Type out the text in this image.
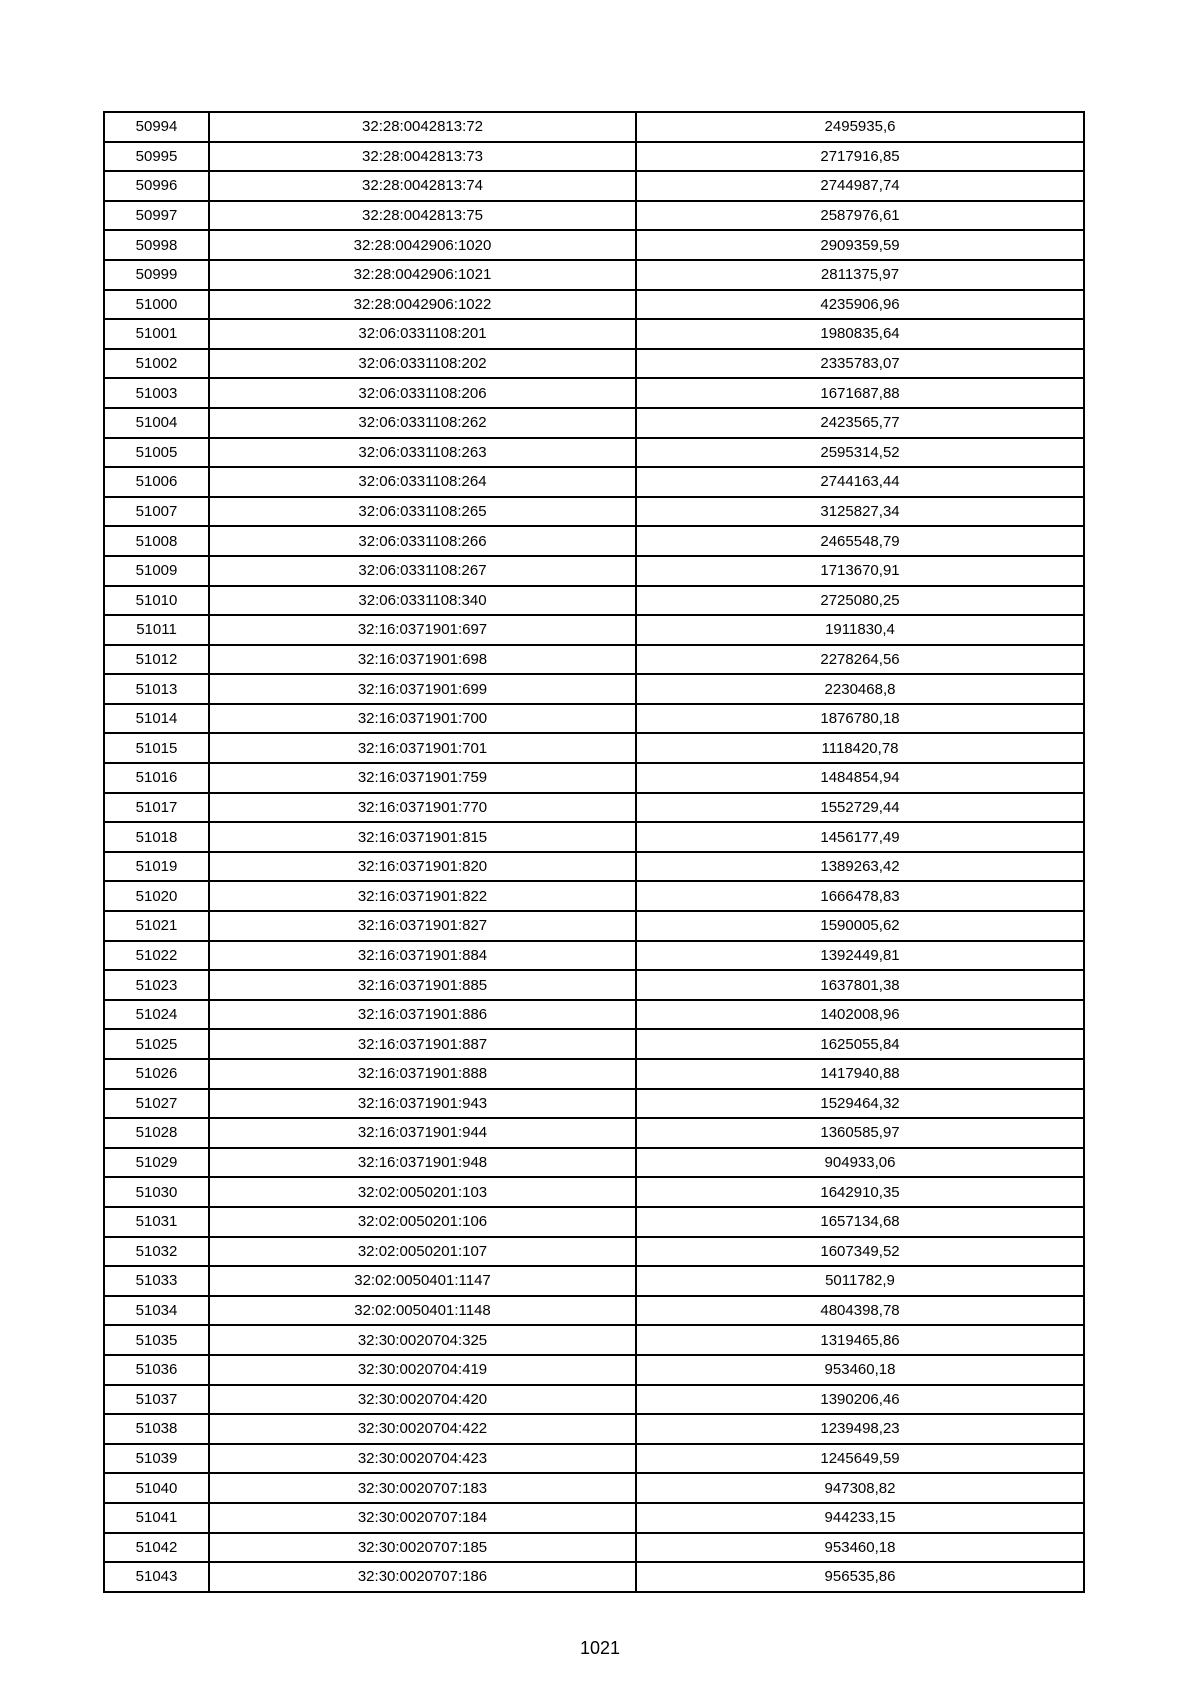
50994	32:28:0042813:72	2495935,6
50995	32:28:0042813:73	2717916,85
50996	32:28:0042813:74	2744987,74
50997	32:28:0042813:75	2587976,61
50998	32:28:0042906:1020	2909359,59
50999	32:28:0042906:1021	2811375,97
51000	32:28:0042906:1022	4235906,96
51001	32:06:0331108:201	1980835,64
51002	32:06:0331108:202	2335783,07
51003	32:06:0331108:206	1671687,88
51004	32:06:0331108:262	2423565,77
51005	32:06:0331108:263	2595314,52
51006	32:06:0331108:264	2744163,44
51007	32:06:0331108:265	3125827,34
51008	32:06:0331108:266	2465548,79
51009	32:06:0331108:267	1713670,91
51010	32:06:0331108:340	2725080,25
51011	32:16:0371901:697	1911830,4
51012	32:16:0371901:698	2278264,56
51013	32:16:0371901:699	2230468,8
51014	32:16:0371901:700	1876780,18
51015	32:16:0371901:701	1118420,78
51016	32:16:0371901:759	1484854,94
51017	32:16:0371901:770	1552729,44
51018	32:16:0371901:815	1456177,49
51019	32:16:0371901:820	1389263,42
51020	32:16:0371901:822	1666478,83
51021	32:16:0371901:827	1590005,62
51022	32:16:0371901:884	1392449,81
51023	32:16:0371901:885	1637801,38
51024	32:16:0371901:886	1402008,96
51025	32:16:0371901:887	1625055,84
51026	32:16:0371901:888	1417940,88
51027	32:16:0371901:943	1529464,32
51028	32:16:0371901:944	1360585,97
51029	32:16:0371901:948	904933,06
51030	32:02:0050201:103	1642910,35
51031	32:02:0050201:106	1657134,68
51032	32:02:0050201:107	1607349,52
51033	32:02:0050401:1147	5011782,9
51034	32:02:0050401:1148	4804398,78
51035	32:30:0020704:325	1319465,86
51036	32:30:0020704:419	953460,18
51037	32:30:0020704:420	1390206,46
51038	32:30:0020704:422	1239498,23
51039	32:30:0020704:423	1245649,59
51040	32:30:0020707:183	947308,82
51041	32:30:0020707:184	944233,15
51042	32:30:0020707:185	953460,18
51043	32:30:0020707:186	956535,86
1021
